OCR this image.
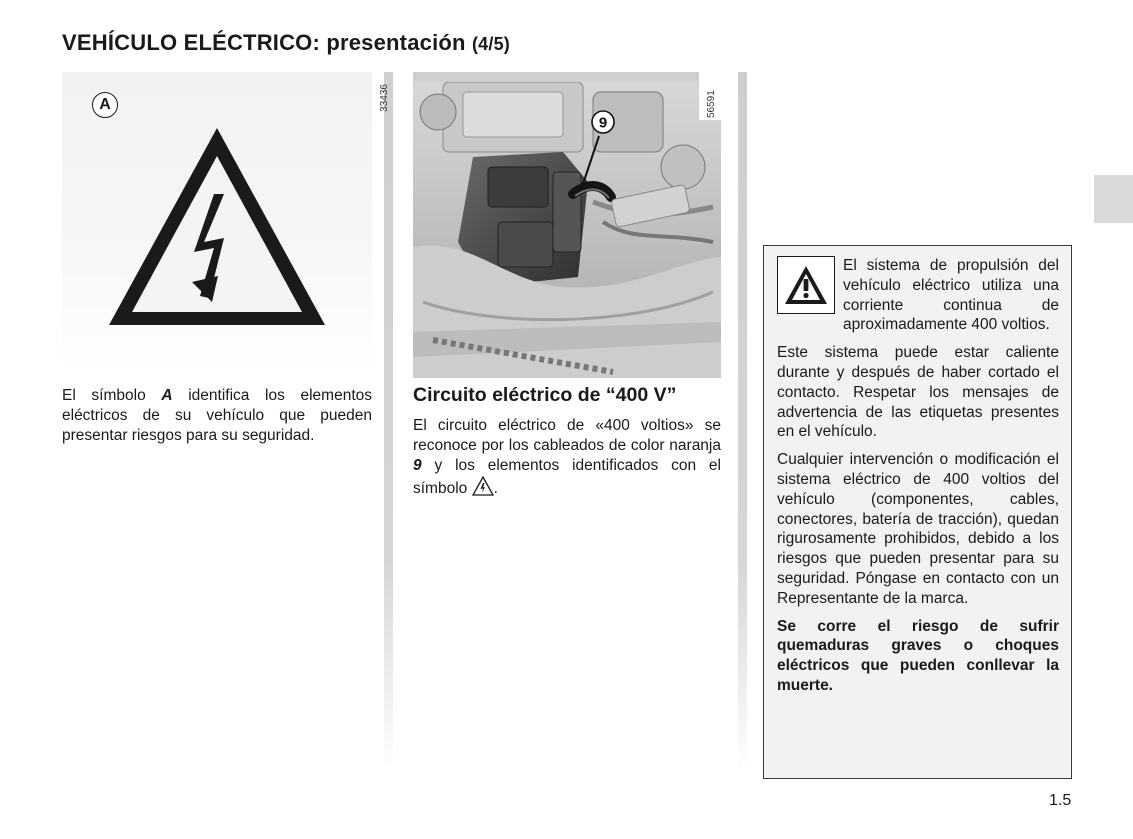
VEHÍCULO ELÉCTRICO: presentación (4/5)
A	33436
El símbolo A identifica los elementos eléctricos de su vehículo que pueden presentar riesgos para su seguridad.
9
56591
Circuito eléctrico de “400 V”
El circuito eléctrico de «400 voltios» se reconoce por los cableados de color naranja 9 y los elementos identificados con el símbolo .

El sistema de propulsión del vehículo eléctrico utiliza una corriente continua de aproximadamente 400 voltios.

Este sistema puede estar caliente durante y después de haber cortado el contacto. Respetar los mensajes de advertencia de las etiquetas presentes en el vehículo.

Cualquier intervención o modificación el sistema eléctrico de 400 voltios del vehículo (componentes, cables, conectores, batería de tracción), quedan rigurosamente prohibidos, debido a los riesgos que pueden presentar para su seguridad. Póngase en contacto con un Representante de la marca.

Se corre el riesgo de sufrir quemaduras graves o choques eléctricos que pueden conllevar la muerte.

1.5
